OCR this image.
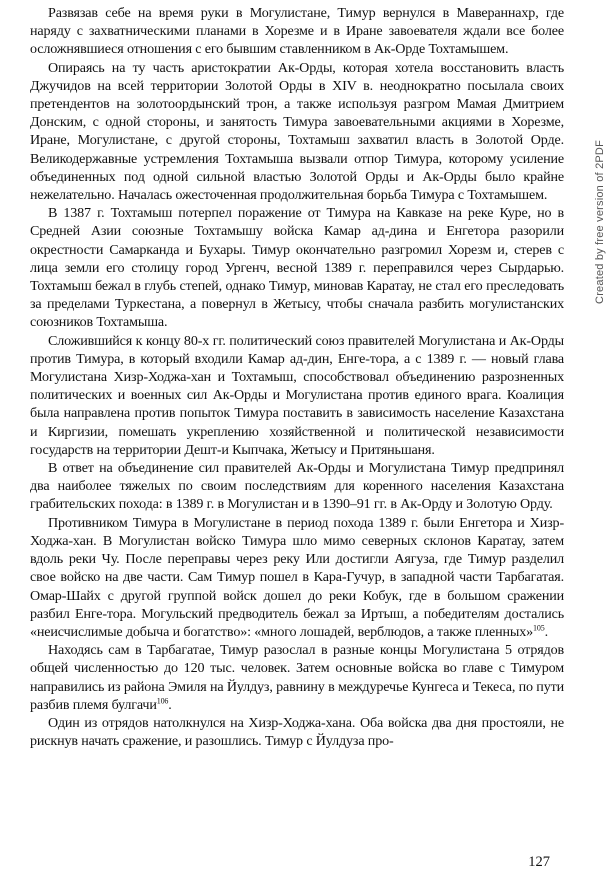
Развязав себе на время руки в Могулистане, Тимур вернулся в Мавераннахр, где наряду с захватническими планами в Хорезме и в Иране завоевателя ждали все более осложнявшиеся отношения с его бывшим ставленником в Ак-Орде Тохтамышем.

Опираясь на ту часть аристократии Ак-Орды, которая хотела восстановить власть Джучидов на всей территории Золотой Орды в XIV в. неоднократно посылала своих претендентов на золотоордынский трон, а также используя разгром Мамая Дмитрием Донским, с одной стороны, и занятость Тимура завоевательными акциями в Хорезме, Иране, Могулистане, с другой стороны, Тохтамыш захватил власть в Золотой Орде. Великодержавные устремления Тохтамыша вызвали отпор Тимура, которому усиление объединенных под одной сильной властью Золотой Орды и Ак-Орды было крайне нежелательно. Началась ожесточенная продолжительная борьба Тимура с Тохтамышем.

В 1387 г. Тохтамыш потерпел поражение от Тимура на Кавказе на реке Куре, но в Средней Азии союзные Тохтамышу войска Камар ад-дина и Енгетора разорили окрестности Самарканда и Бухары. Тимур окончательно разгромил Хорезм и, стерев с лица земли его столицу город Ургенч, весной 1389 г. переправился через Сырдарью. Тохтамыш бежал в глубь степей, однако Тимур, миновав Каратау, не стал его преследовать за пределами Туркестана, а повернул в Жетысу, чтобы сначала разбить могулистанских союзников Тохтамыша.

Сложившийся к концу 80-х гг. политический союз правителей Могулистана и Ак-Орды против Тимура, в который входили Камар ад-дин, Енге-тора, а с 1389 г. — новый глава Могулистана Хизр-Ходжа-хан и Тохтамыш, способствовал объединению разрозненных политических и военных сил Ак-Орды и Могулистана против единого врага. Коалиция была направлена против попыток Тимура поставить в зависимость население Казахстана и Киргизии, помешать укреплению хозяйственной и политической независимости государств на территории Дешт-и Кыпчака, Жетысу и Притяньшаня.

В ответ на объединение сил правителей Ак-Орды и Могулистана Тимур предпринял два наиболее тяжелых по своим последствиям для коренного населения Казахстана грабительских похода: в 1389 г. в Могулистан и в 1390–91 гг. в Ак-Орду и Золотую Орду.

Противником Тимура в Могулистане в период похода 1389 г. были Енгетора и Хизр-Ходжа-хан. В Могулистан войско Тимура шло мимо северных склонов Каратау, затем вдоль реки Чу. После переправы через реку Или достигли Аягуза, где Тимур разделил свое войско на две части. Сам Тимур пошел в Кара-Гучур, в западной части Тарбагатая. Омар-Шайх с другой группой войск дошел до реки Кобук, где в большом сражении разбил Енге-тора. Могульский предводитель бежал за Иртыш, а победителям достались «неисчислимые добыча и богатство»: «много лошадей, верблюдов, а также пленных»$^{105}$.

Находясь сам в Тарбагатае, Тимур разослал в разные концы Могулистана 5 отрядов общей численностью до 120 тыс. человек. Затем основные войска во главе с Тимуром направились из района Эмиля на Йулдуз, равнину в междуречье Кунгеса и Текеса, по пути разбив племя булгачи$^{106}$.

Один из отрядов натолкнулся на Хизр-Ходжа-хана. Оба войска два дня простояли, не рискнув начать сражение, и разошлись. Тимур с Йулдуза про-

Created by free version of 2PDF
127
